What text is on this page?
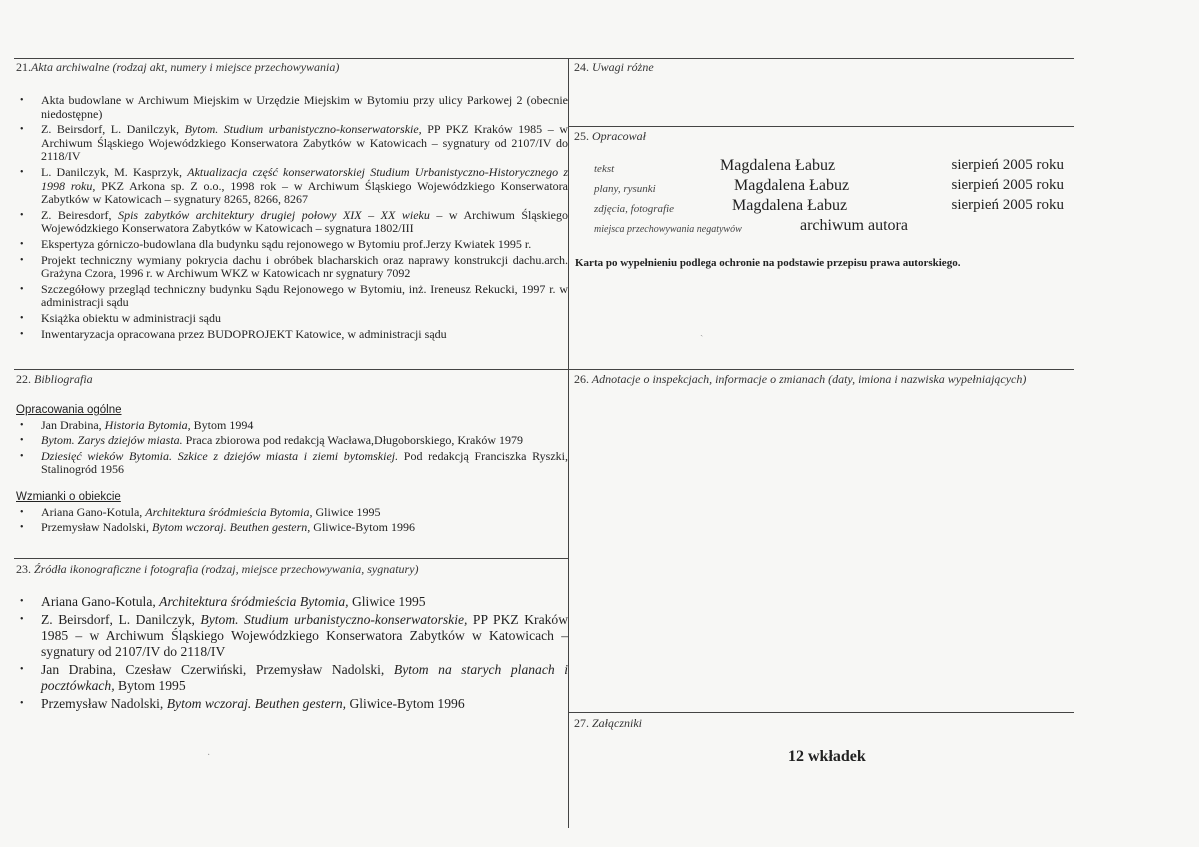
21.Akta archiwalne (rodzaj akt, numery i miejsce przechowywania)
• Akta budowlane w Archiwum Miejskim w Urzędzie Miejskim w Bytomiu przy ulicy Parkowej 2 (obecnie niedostępne)
• Z. Beirsdorf, L. Danilczyk, Bytom. Studium urbanistyczno-konserwatorskie, PP PKZ Kraków 1985 – w Archiwum Śląskiego Wojewódzkiego Konserwatora Zabytków w Katowicach – sygnatury od 2107/IV do 2118/IV
• L. Danilczyk, M. Kasprzyk, Aktualizacja część konserwatorskiej Studium Urbanistyczno-Historycznego z 1998 roku, PKZ Arkona sp. Z o.o., 1998 rok – w Archiwum Śląskiego Wojewódzkiego Konserwatora Zabytków w Katowicach – sygnatury 8265, 8266, 8267
• Z. Beiresdorf, Spis zabytków architektury drugiej połowy XIX – XX wieku – w Archiwum Śląskiego Wojewódzkiego Konserwatora Zabytków w Katowicach – sygnatura 1802/III
• Ekspertyza górniczo-budowlana dla budynku sądu rejonowego w Bytomiu prof.Jerzy Kwiatek 1995 r.
• Projekt techniczny wymiany pokrycia dachu i obróbek blacharskich oraz naprawy konstrukcji dachu.arch. Grażyna Czora, 1996 r. w Archiwum WKZ w Katowicach nr sygnatury 7092
• Szczegółowy przegląd techniczny budynku Sądu Rejonowego w Bytomiu, inż. Ireneusz Rekucki, 1997 r. w administracji sądu
• Książka obiektu w administracji sądu
• Inwentaryzacja opracowana przez BUDOPROJEKT Katowice, w administracji sądu
22. Bibliografia
Opracowania ogólne
• Jan Drabina, Historia Bytomia, Bytom 1994
• Bytom. Zarys dziejów miasta. Praca zbiorowa pod redakcją Wacława,Długoborskiego, Kraków 1979
• Dziesięć wieków Bytomia. Szkice z dziejów miasta i ziemi bytomskiej. Pod redakcją Franciszka Ryszki, Stalinogród 1956
Wzmianki o obiekcie
• Ariana Gano-Kotula, Architektura śródmieścia Bytomia, Gliwice 1995
• Przemysław Nadolski, Bytom wczoraj. Beuthen gestern, Gliwice-Bytom 1996
23. Źródła ikonograficzne i fotografia (rodzaj, miejsce przechowywania, sygnatury)
• Ariana Gano-Kotula, Architektura śródmieścia Bytomia, Gliwice 1995
• Z. Beirsdorf, L. Danilczyk, Bytom. Studium urbanistyczno-konserwatorskie, PP PKZ Kraków 1985 – w Archiwum Śląskiego Wojewódzkiego Konserwatora Zabytków w Katowicach – sygnatury od 2107/IV do 2118/IV
• Jan Drabina, Czesław Czerwiński, Przemysław Nadolski, Bytom na starych planach i pocztówkach, Bytom 1995
• Przemysław Nadolski, Bytom wczoraj. Beuthen gestern, Gliwice-Bytom 1996
24. Uwagi różne
25. Opracował
tekst	Magdalena Łabuz	sierpień 2005 roku
plany, rysunki	Magdalena Łabuz	sierpień 2005 roku
zdjęcia, fotografie	Magdalena Łabuz	sierpień 2005 roku
miejsca przechowywania negatywów	archiwum autora
Karta po wypełnieniu podlega ochronie na podstawie przepisu prawa autorskiego.
26. Adnotacje o inspekcjach, informacje o zmianach (daty, imiona i nazwiska wypełniających)
27. Załączniki
12 wkładek
ˎ
·
